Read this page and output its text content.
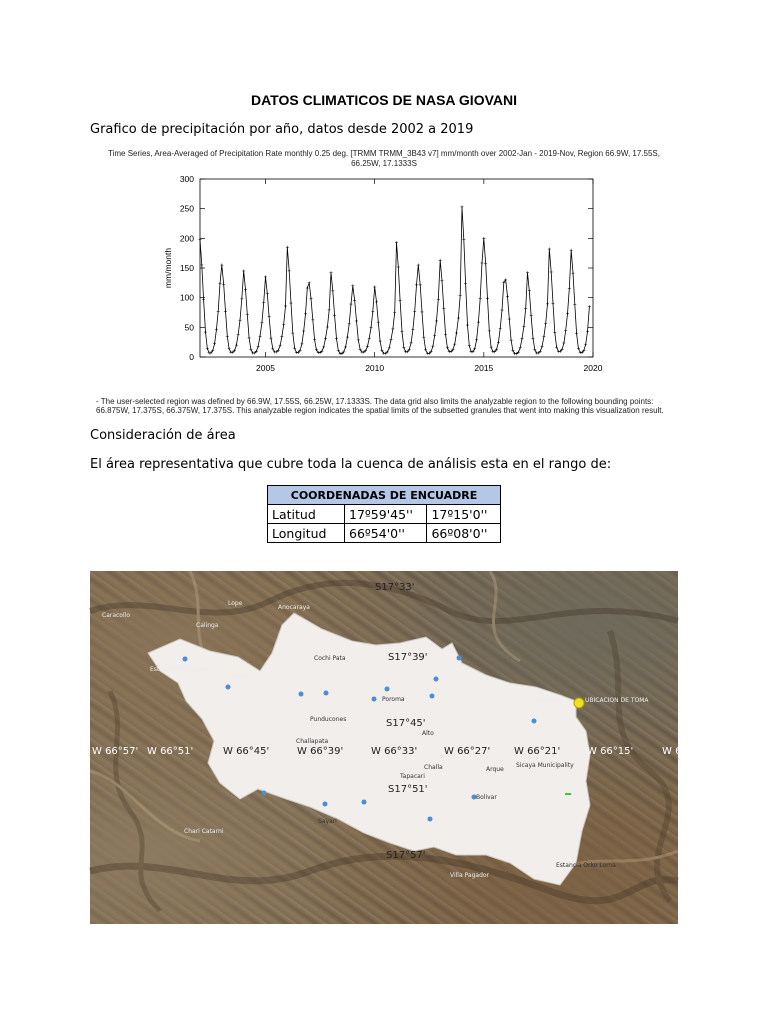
DATOS CLIMATICOS DE NASA GIOVANI
Grafico de precipitación por año, datos desde 2002 a 2019
Time Series, Area-Averaged of Precipitation Rate monthly 0.25 deg. [TRMM TRMM_3B43 v7] mm/month over 2002-Jan - 2019-Nov, Region 66.9W, 17.55S,
66.25W, 17.1333S
0
50
100
150
200
250
300
2005	2010	2015	2020
mm/month
- The user-selected region was defined by 66.9W, 17.55S, 66.25W, 17.1333S. The data grid also limits the analyzable region to the following bounding points:
66.875W, 17.375S, 66.375W, 17.375S. This analyzable region indicates the spatial limits of the subsetted granules that went into making this visualization result.
Consideración de área
El área representativa que cubre toda la cuenca de análisis esta en el rango de:
COORDENADAS DE ENCUADRE		
Latitud	17º59'45''	17º15'0''
Longitud	66º54'0''	66º08'0''
S17°33'
S17°39'
S17°45'
S17°51'
S17°57'
W 66°57' W 66°51'	W 66°45'	W 66°39'	W 66°33'	W 66°27' W 66°21'	W 66°15'	W 6
Lope
Anocaraya
Calinga
Caracollo
Estancia Lakelakeni
Oruro
Cochi Pata
Poroma
Punducones
Alto
Challapata
Capinota	UBICACION DE TOMA
Challa
Tapacari
Arque
Sicaya Municipality
Bolivar
Sayari
Estancia Orko Loma
Villa Pagador
Chari Catarni
